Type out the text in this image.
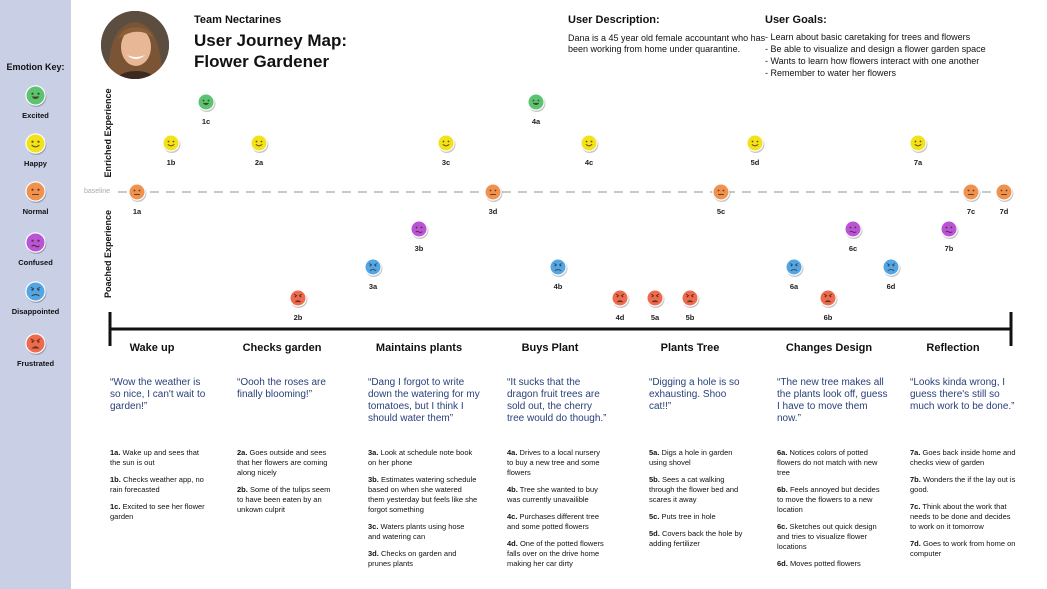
Emotion Key:
Excited
Happy
Normal
Confused
Disappointed
Frustrated
Team Nectarines
User Journey Map:
Flower Gardener
User Description:
Dana is a 45 year old female accountant who has been working from home under quarantine.
User Goals:
- Learn about basic caretaking for trees and flowers
- Be able to visualize and design a flower garden space
- Wants to learn how flowers interact with one another
- Remember to water her flowers
Enriched Experience
Poached Experience
baseline
1a
1b
1c
2a
2b
3a
3b
3c
3d
4a
4b
4c
4d	5a	5b
5c
5d
6a
6b
6c
6d
7a
7b
7c	7d
Wake up
“Wow the weather is so nice, I can't wait to garden!”
1a. Wake up and sees that the sun is out
1b. Checks weather app, no rain forecasted
1c. Excited to see her flower garden
Checks garden
“Oooh the roses are finally blooming!”
2a. Goes outside and sees that her flowers are coming along nicely
2b. Some of the tulips seem to have been eaten by an unkown culprit
Maintains plants
“Dang I forgot to write down the watering for my tomatoes, but I think I should water them”
3a. Look at schedule note book on her phone
3b. Estimates watering schedule based on when she watered them yesterday but feels like she forgot something
3c. Waters plants using hose and watering can
3d. Checks on garden and prunes plants
Buys Plant
“It sucks that the dragon fruit trees are sold out, the cherry tree would do though.”
4a. Drives to a local nursery to buy a new tree and some flowers
4b. Tree she wanted to buy was currently unavailible
4c. Purchases different tree and some potted flowers
4d. One of the potted flowers falls over on the drive home making her car dirty
Plants Tree
“Digging a hole is so exhausting. Shoo cat!!”
5a. Digs a hole in garden using shovel
5b. Sees a cat walking through the flower bed and scares it away
5c. Puts tree in hole
5d. Covers back the hole by adding fertilizer
Changes Design
“The new tree makes all the plants look off, guess I have to move them now.”
6a. Notices colors of potted flowers do not match with new tree
6b. Feels annoyed but decides to move the flowers to a new location
6c. Sketches out quick design and tries to visualize flower locations
6d. Moves potted flowers
Reflection
“Looks kinda wrong, I guess there's still so much work to be done.”
7a. Goes back inside home and checks view of garden
7b. Wonders the if the lay out is good.
7c. Think about the work that needs to be done and decides to work on it tomorrow
7d. Goes to work from home on computer
